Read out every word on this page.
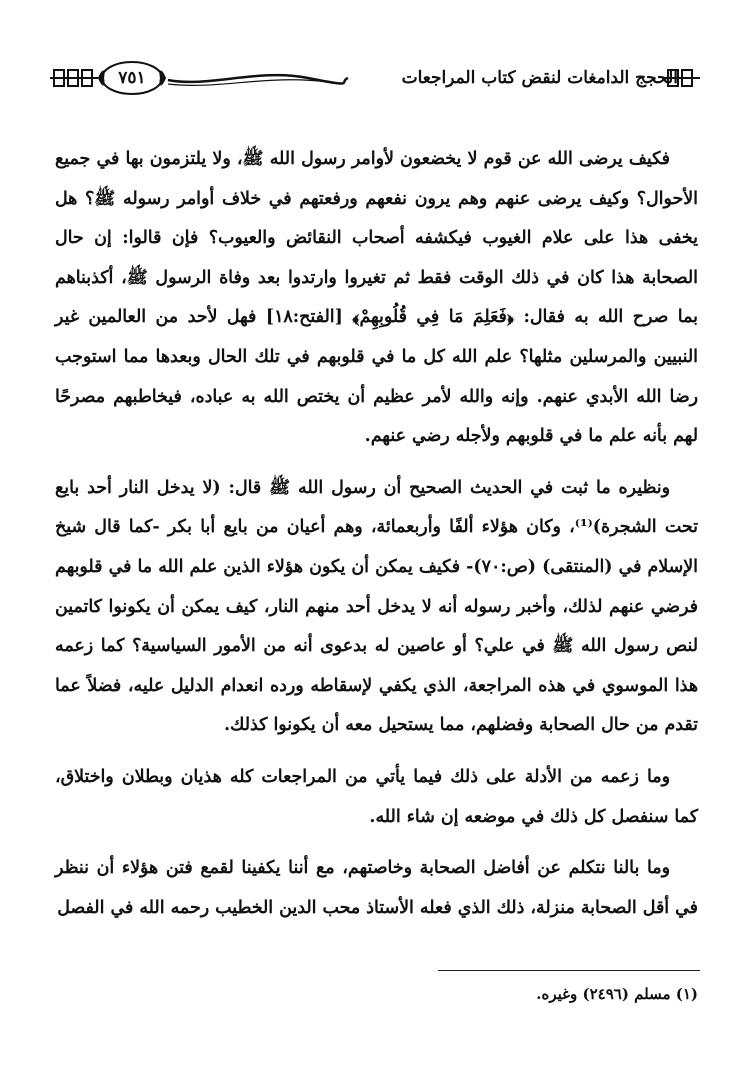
٧٥١	الحجج الدامغات لنقض كتاب المراجعات

فكيف يرضى الله عن قوم لا يخضعون لأوامر رسول الله ﷺ، ولا يلتزمون بها في جميع الأحوال؟ وكيف يرضى عنهم وهم يرون نفعهم ورفعتهم في خلاف أوامر رسوله ﷺ؟ هل يخفى هذا على علام الغيوب فيكشفه أصحاب النقائض والعيوب؟ فإن قالوا: إن حال الصحابة هذا كان في ذلك الوقت فقط ثم تغيروا وارتدوا بعد وفاة الرسول ﷺ، أكذبناهم بما صرح الله به فقال: ﴿فَعَلِمَ مَا فِي قُلُوبِهِمْ﴾ [الفتح:١٨] فهل لأحد من العالمين غير النبيين والمرسلين مثلها؟ علم الله كل ما في قلوبهم في تلك الحال وبعدها مما استوجب رضا الله الأبدي عنهم. وإنه والله لأمر عظيم أن يختص الله به عباده، فيخاطبهم مصرحًا لهم بأنه علم ما في قلوبهم ولأجله رضي عنهم.

ونظيره ما ثبت في الحديث الصحيح أن رسول الله ﷺ قال: (لا يدخل النار أحد بايع تحت الشجرة)⁽¹⁾، وكان هؤلاء ألفًا وأربعمائة، وهم أعيان من بايع أبا بكر -كما قال شيخ الإسلام في (المنتقى) (ص:٧٠)- فكيف يمكن أن يكون هؤلاء الذين علم الله ما في قلوبهم فرضي عنهم لذلك، وأخبر رسوله أنه لا يدخل أحد منهم النار، كيف يمكن أن يكونوا كاتمين لنص رسول الله ﷺ في علي؟ أو عاصين له بدعوى أنه من الأمور السياسية؟ كما زعمه هذا الموسوي في هذه المراجعة، الذي يكفي لإسقاطه ورده انعدام الدليل عليه، فضلاً عما تقدم من حال الصحابة وفضلهم، مما يستحيل معه أن يكونوا كذلك.

وما زعمه من الأدلة على ذلك فيما يأتي من المراجعات كله هذيان وبطلان واختلاق، كما سنفصل كل ذلك في موضعه إن شاء الله.

وما بالنا نتكلم عن أفاضل الصحابة وخاصتهم، مع أننا يكفينا لقمع فتن هؤلاء أن ننظر في أقل الصحابة منزلة، ذلك الذي فعله الأستاذ محب الدين الخطيب رحمه الله في الفصل

(١) مسلم (٢٤٩٦) وغيره.
